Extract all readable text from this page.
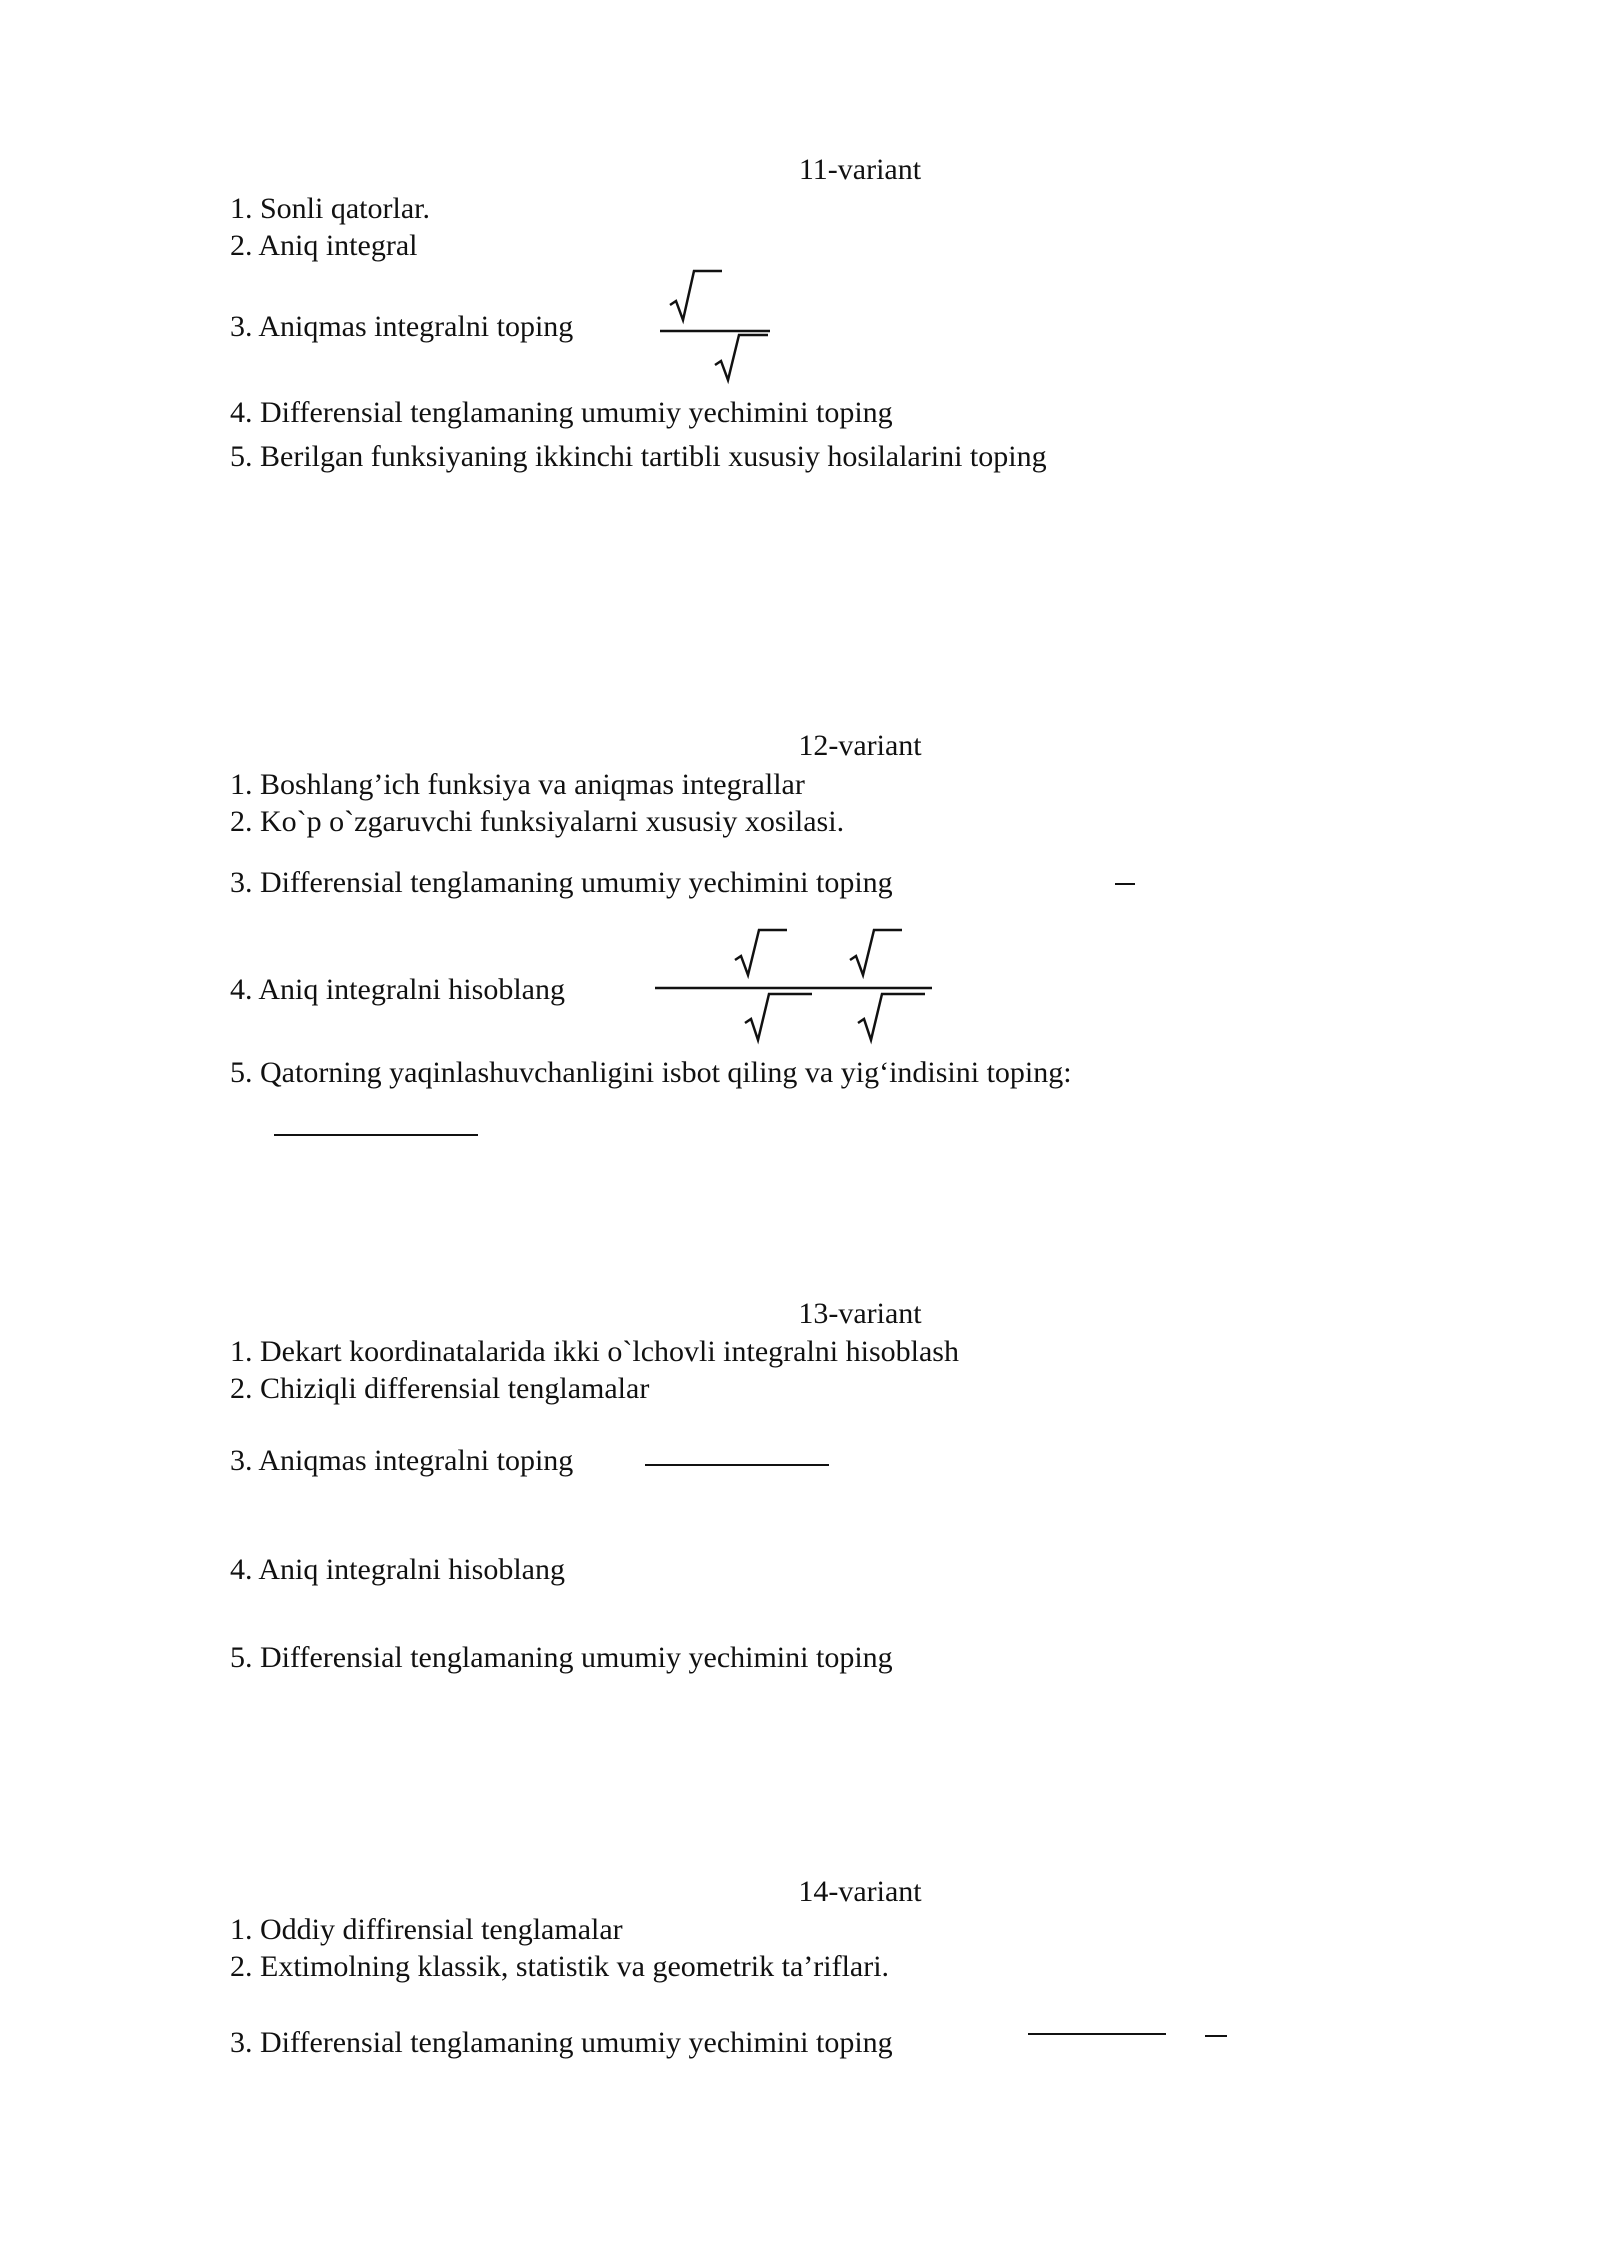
11-variant
1. Sonli qatorlar.
2. Aniq integral
3. Aniqmas integralni toping
4. Differensial tenglamaning umumiy yechimini toping
5. Berilgan funksiyaning ikkinchi tartibli xususiy hosilalarini toping
12-variant
1. Boshlang’ich funksiya va aniqmas integrallar
2. Ko`p o`zgaruvchi funksiyalarni xususiy xosilasi.
3. Differensial tenglamaning umumiy yechimini toping
4. Aniq integralni hisoblang
5. Qatorning yaqinlashuvchanligini isbot qiling va yig‘indisini toping:
13-variant
1. Dekart koordinatalarida ikki o`lchovli integralni hisoblash
2. Chiziqli differensial tenglamalar
3. Aniqmas integralni toping
4. Aniq integralni hisoblang
5. Differensial tenglamaning umumiy yechimini toping
14-variant
1. Oddiy diffirensial tenglamalar
2. Extimolning klassik, statistik va geometrik ta’riflari.
3. Differensial tenglamaning umumiy yechimini toping
